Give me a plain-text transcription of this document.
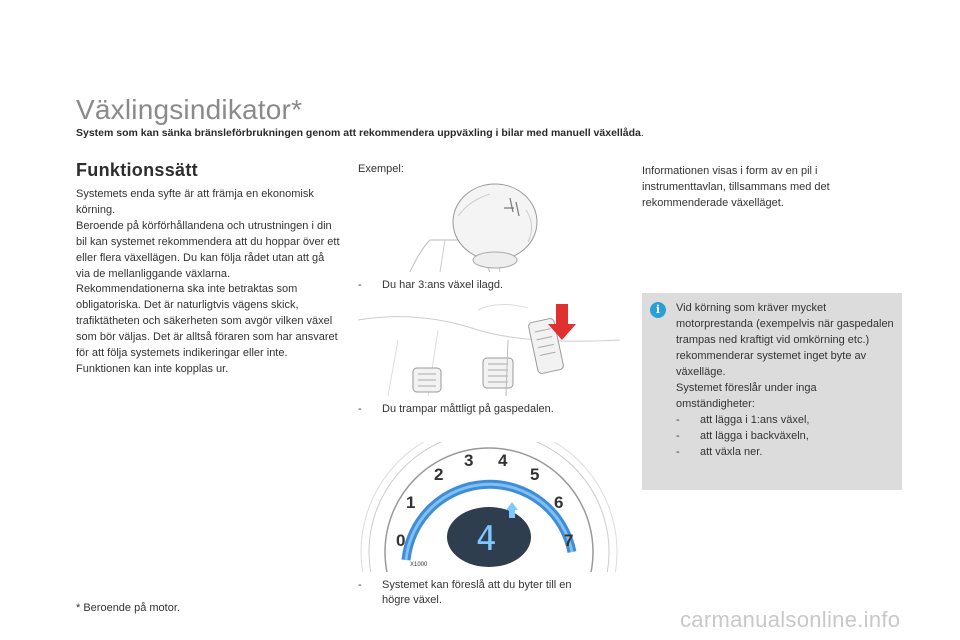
Växlingsindikator*
System som kan sänka bränsleförbrukningen genom att rekommendera uppväxling i bilar med manuell växellåda.
Funktionssätt

Systemets enda syfte är att främja en ekonomisk körning.

Beroende på körförhållandena och utrustningen i din bil kan systemet rekommendera att du hoppar över ett eller flera växellägen. Du kan följa rådet utan att gå via de mellanliggande växlarna.

Rekommendationerna ska inte betraktas som obligatoriska. Det är naturligtvis vägens skick, trafiktätheten och säkerheten som avgör vilken växel som bör väljas. Det är alltså föraren som har ansvaret för att följa systemets indikeringar eller inte.

Funktionen kan inte kopplas ur.

* Beroende på motor.
Exempel:
- Du har 3:ans växel ilagd.
- Du trampar måttligt på gaspedalen.
4
0
1
2
3 4
5
6
7
X1000
- Systemet kan föreslå att du byter till en högre växel.
Informationen visas i form av en pil i instrumenttavlan, tillsammans med det rekommenderade växelläget.
i	Vid körning som kräver mycket motorprestanda (exempelvis när gaspedalen trampas ned kraftigt vid omkörning etc.) rekommenderar systemet inget byte av växelläge.

Systemet föreslår under inga omständigheter:

- att lägga i 1:ans växel,
- att lägga i backväxeln,
- att växla ner.
carmanualsonline.info
